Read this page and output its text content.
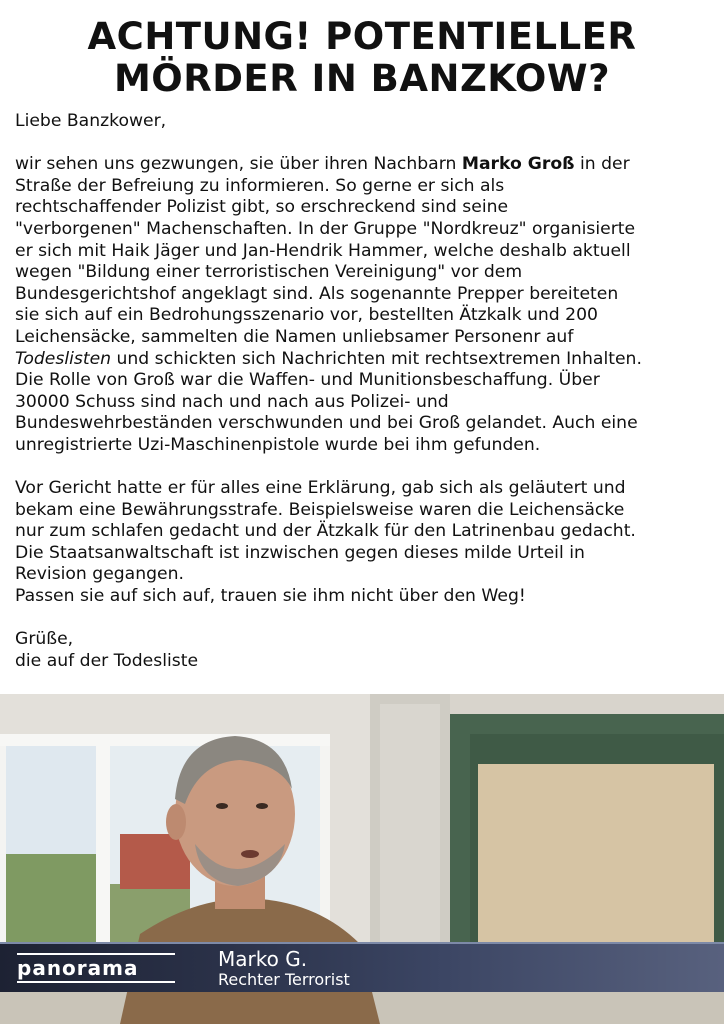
ACHTUNG! POTENTIELLER
MÖRDER IN BANZKOW?

Liebe Banzkower,

wir sehen uns gezwungen, sie über ihren Nachbarn Marko Groß in der

Straße der Befreiung zu informieren. So gerne er sich als

rechtschaffender Polizist gibt, so erschreckend sind seine

"verborgenen" Machenschaften. In der Gruppe "Nordkreuz" organisierte

er sich mit Haik Jäger und Jan-Hendrik Hammer, welche deshalb aktuell

wegen "Bildung einer terroristischen Vereinigung" vor dem

Bundesgerichtshof angeklagt sind. Als sogenannte Prepper bereiteten

sie sich auf ein Bedrohungsszenario vor, bestellten Ätzkalk und 200

Leichensäcke, sammelten die Namen unliebsamer Personenr auf

Todeslisten und schickten sich Nachrichten mit rechtsextremen Inhalten.

Die Rolle von Groß war die Waffen- und Munitionsbeschaffung. Über

30000 Schuss sind nach und nach aus Polizei- und

Bundeswehrbeständen verschwunden und bei Groß gelandet. Auch eine

unregistrierte Uzi-Maschinenpistole wurde bei ihm gefunden.

Vor Gericht hatte er für alles eine Erklärung, gab sich als geläutert und

bekam eine Bewährungsstrafe. Beispielsweise waren die Leichensäcke

nur zum schlafen gedacht und der Ätzkalk für den Latrinenbau gedacht.

Die Staatsanwaltschaft ist inzwischen gegen dieses milde Urteil in

Revision gegangen.

Passen sie auf sich auf, trauen sie ihm nicht über den Weg!

Grüße,

die auf der Todesliste

panorama	Marko G.
Rechter Terrorist
